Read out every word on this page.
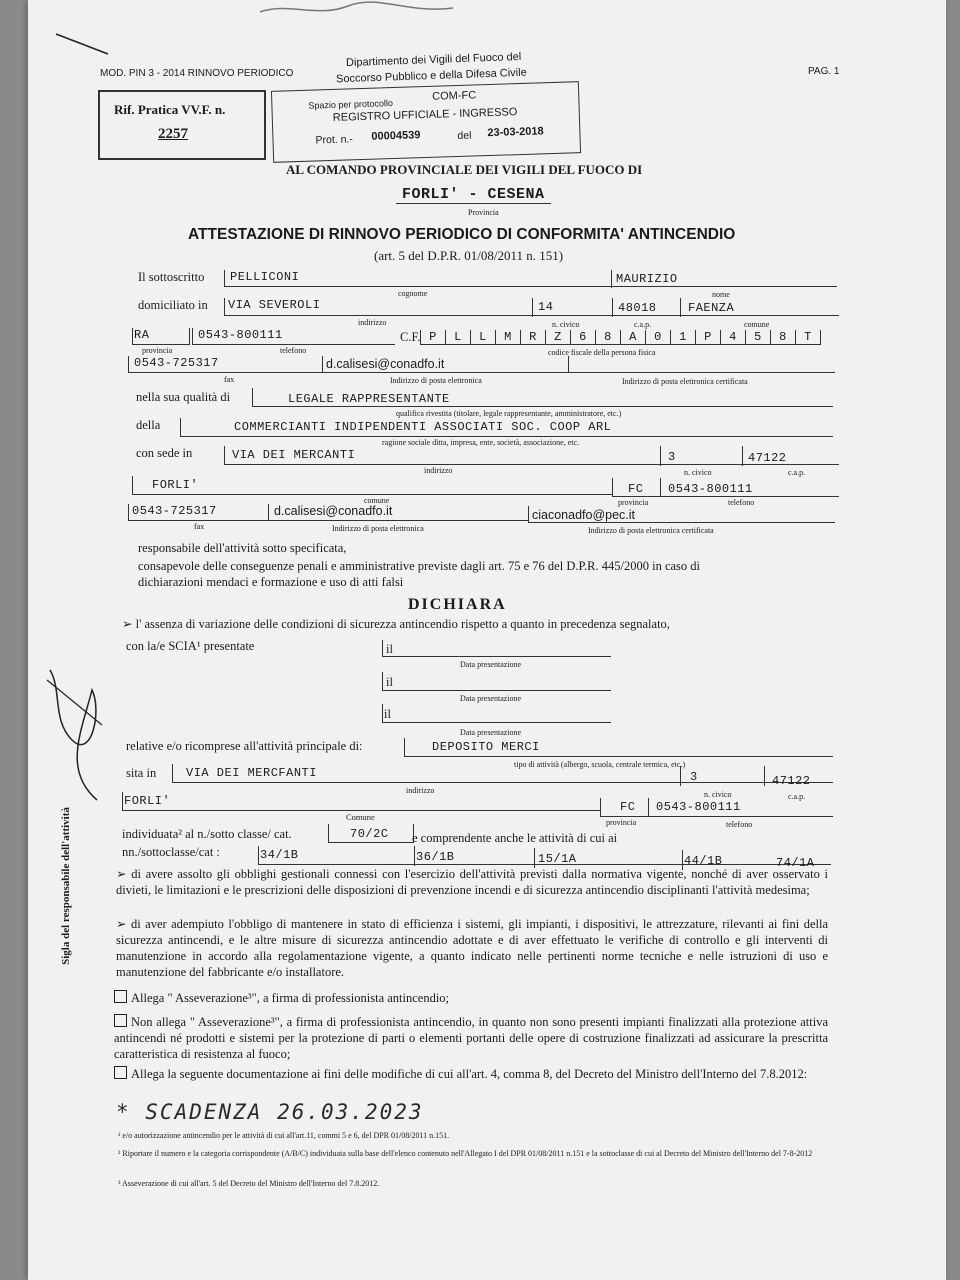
MOD. PIN 3 - 2014 RINNOVO PERIODICO
Dipartimento dei Vigili del Fuoco del
Soccorso Pubblico e della Difesa Civile	PAG. 1
Rif. Pratica VV.F. n.
2257
Spazio per protocollo
COM-FC
REGISTRO UFFICIALE - INGRESSO
Prot. n.- 00004539	del 23-03-2018
AL COMANDO PROVINCIALE DEI VIGILI DEL FUOCO DI
FORLI' - CESENA
Provincia
ATTESTAZIONE DI RINNOVO PERIODICO DI CONFORMITA' ANTINCENDIO
(art. 5 del D.P.R. 01/08/2011 n. 151)
Il sottoscritto PELLICONI	MAURIZIO
cognome	nome
domiciliato in VIA SEVEROLI	14	48018	FAENZA
indirizzo	n. civico	c.a.p.	comune
RA	0543-800111	C.F. P L L M R Z 6 8 A 0 1 P 4 5 8 T
provincia	telefono	codice fiscale della persona fisica
0543-725317	d.calisesi@conadfo.it
fax	Indirizzo di posta elettronica	Indirizzo di posta elettronica certificata
nella sua qualità di	LEGALE RAPPRESENTANTE
qualifica rivestita (titolare, legale rappresentante, amministratore, etc.)
della	COMMERCIANTI INDIPENDENTI ASSOCIATI SOC. COOP ARL
ragione sociale ditta, impresa, ente, società, associazione, etc.
con sede in	VIA DEI MERCANTI	3	47122
indirizzo	n. civico	c.a.p.
FORLI'	FC 0543-800111
comune	provincia	telefono
0543-725317	d.calisesi@conadfo.it	ciaconadfo@pec.it
fax	Indirizzo di posta elettronica	Indirizzo di posta elettronica certificata
responsabile dell'attività sotto specificata,
consapevole delle conseguenze penali e amministrative previste dagli art. 75 e 76 del D.P.R. 445/2000 in caso di
dichiarazioni mendaci e formazione e uso di atti falsi
DICHIARA
➢ l' assenza di variazione delle condizioni di sicurezza antincendio rispetto a quanto in precedenza segnalato,
con la/e SCIA¹ presentate	il
Data presentazione
il
Data presentazione
il
Data presentazione
relative e/o ricomprese all'attività principale di:	DEPOSITO MERCI
tipo di attività (albergo, scuola, centrale termica, etc.)
sita in VIA DEI MERCFANTI	3	47122
indirizzo	n. civico	c.a.p.
FORLI'	FC 0543-800111
Comune
provincia	telefono
individuata² al n./sotto classe/ cat.	70/2C e comprendente anche le attività di cui ai
nn./sottoclasse/cat :	34/1B	36/1B	15/1A	44/1B	74/1A
➢ di avere assolto gli obblighi gestionali connessi con l'esercizio dell'attività previsti dalla normativa vigente, nonché di aver osservato i divieti, le limitazioni e le prescrizioni delle disposizioni di prevenzione incendi e di sicurezza antincendio disciplinanti l'attività medesima;
➢ di aver adempiuto l'obbligo di mantenere in stato di efficienza i sistemi, gli impianti, i dispositivi, le attrezzature, rilevanti ai fini della sicurezza antincendi, e le altre misure di sicurezza antincendio adottate e di aver effettuato le verifiche di controllo e gli interventi di manutenzione in accordo alla regolamentazione vigente, a quanto indicato nelle pertinenti norme tecniche e nelle istruzioni di uso e manutenzione del fabbricante e/o installatore.
Allega " Asseverazione³", a firma di professionista antincendio;
Non allega " Asseverazione³", a firma di professionista antincendio, in quanto non sono presenti impianti finalizzati alla protezione attiva antincendi né prodotti e sistemi per la protezione di parti o elementi portanti delle opere di costruzione finalizzati ad assicurare la prescritta caratteristica di resistenza al fuoco;
Allega la seguente documentazione ai fini delle modifiche di cui all'art. 4, comma 8, del Decreto del Ministro dell'Interno del 7.8.2012:
* SCADENZA 26.03.2023
¹ e/o autorizzazione antincendio per le attività di cui all'art.11, commi 5 e 6, del DPR 01/08/2011 n.151.
² Riportare il numero e la categoria corrispondente (A/B/C) individuata sulla base dell'elenco contenuto nell'Allegato I del DPR 01/08/2011 n.151 e la sottoclasse di cui al Decreto del Ministro dell'Interno del 7-8-2012
³ Asseverazione di cui all'art. 5 del Decreto del Ministro dell'Interno del 7.8.2012.
Sigla del responsabile dell'attività
